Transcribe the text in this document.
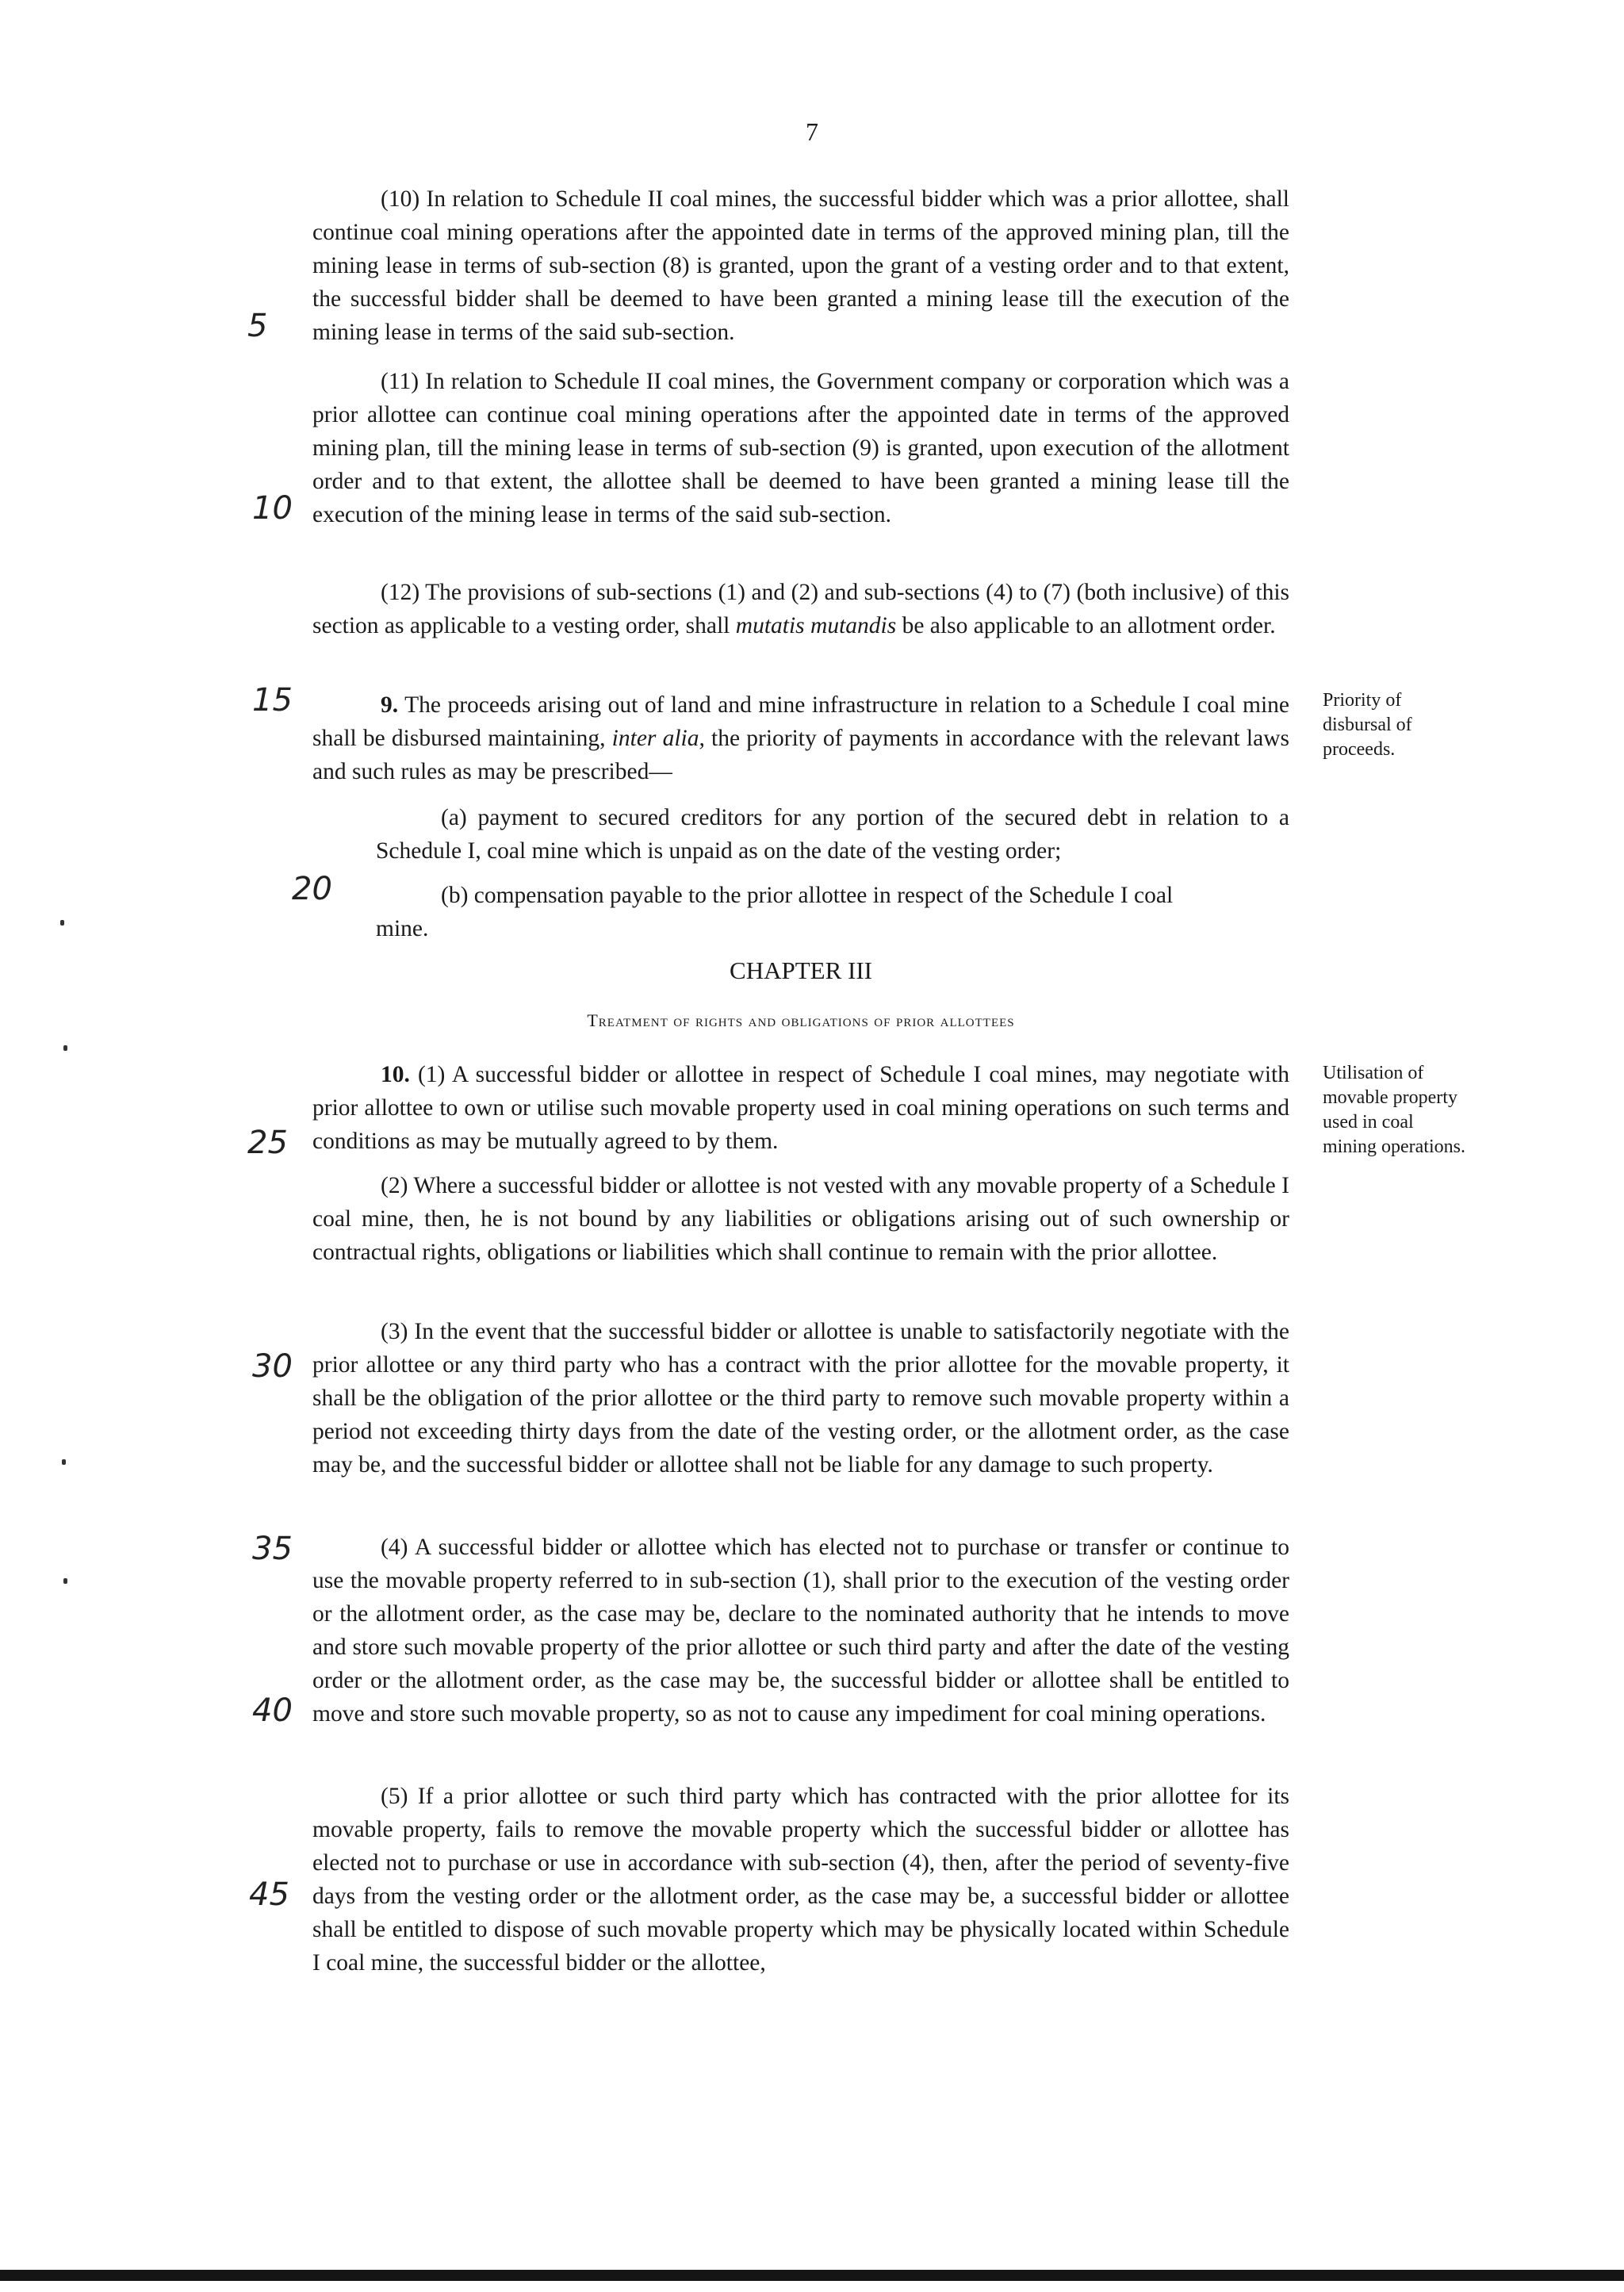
7

(10) In relation to Schedule II coal mines, the successful bidder which was a prior allottee, shall continue coal mining operations after the appointed date in terms of the approved mining plan, till the mining lease in terms of sub-section (8) is granted, upon the grant of a vesting order and to that extent, the successful bidder shall be deemed to have been granted a mining lease till the execution of the mining lease in terms of the said sub-section.

(11) In relation to Schedule II coal mines, the Government company or corporation which was a prior allottee can continue coal mining operations after the appointed date in terms of the approved mining plan, till the mining lease in terms of sub-section (9) is granted, upon execution of the allotment order and to that extent, the allottee shall be deemed to have been granted a mining lease till the execution of the mining lease in terms of the said sub-section.

(12) The provisions of sub-sections (1) and (2) and sub-sections (4) to (7) (both inclusive) of this section as applicable to a vesting order, shall mutatis mutandis be also applicable to an allotment order.

9. The proceeds arising out of land and mine infrastructure in relation to a Schedule I coal mine shall be disbursed maintaining, inter alia, the priority of payments in accordance with the relevant laws and such rules as may be prescribed—

Priority of disbursal of proceeds.

(a) payment to secured creditors for any portion of the secured debt in relation to a Schedule I, coal mine which is unpaid as on the date of the vesting order;

(b) compensation payable to the prior allottee in respect of the Schedule I coal

mine.

CHAPTER III
Treatment of rights and obligations of prior allottees

10. (1) A successful bidder or allottee in respect of Schedule I coal mines, may negotiate with prior allottee to own or utilise such movable property used in coal mining operations on such terms and conditions as may be mutually agreed to by them.

Utilisation of movable property used in coal mining operations.

(2) Where a successful bidder or allottee is not vested with any movable property of a Schedule I coal mine, then, he is not bound by any liabilities or obligations arising out of such ownership or contractual rights, obligations or liabilities which shall continue to remain with the prior allottee.

(3) In the event that the successful bidder or allottee is unable to satisfactorily negotiate with the prior allottee or any third party who has a contract with the prior allottee for the movable property, it shall be the obligation of the prior allottee or the third party to remove such movable property within a period not exceeding thirty days from the date of the vesting order, or the allotment order, as the case may be, and the successful bidder or allottee shall not be liable for any damage to such property.

(4) A successful bidder or allottee which has elected not to purchase or transfer or continue to use the movable property referred to in sub-section (1), shall prior to the execution of the vesting order or the allotment order, as the case may be, declare to the nominated authority that he intends to move and store such movable property of the prior allottee or such third party and after the date of the vesting order or the allotment order, as the case may be, the successful bidder or allottee shall be entitled to move and store such movable property, so as not to cause any impediment for coal mining operations.

(5) If a prior allottee or such third party which has contracted with the prior allottee for its movable property, fails to remove the movable property which the successful bidder or allottee has elected not to purchase or use in accordance with sub-section (4), then, after the period of seventy-five days from the vesting order or the allotment order, as the case may be, a successful bidder or allottee shall be entitled to dispose of such movable property which may be physically located within Schedule I coal mine, the successful bidder or the allottee,

5
10
15
20
25
30
35
40
45
